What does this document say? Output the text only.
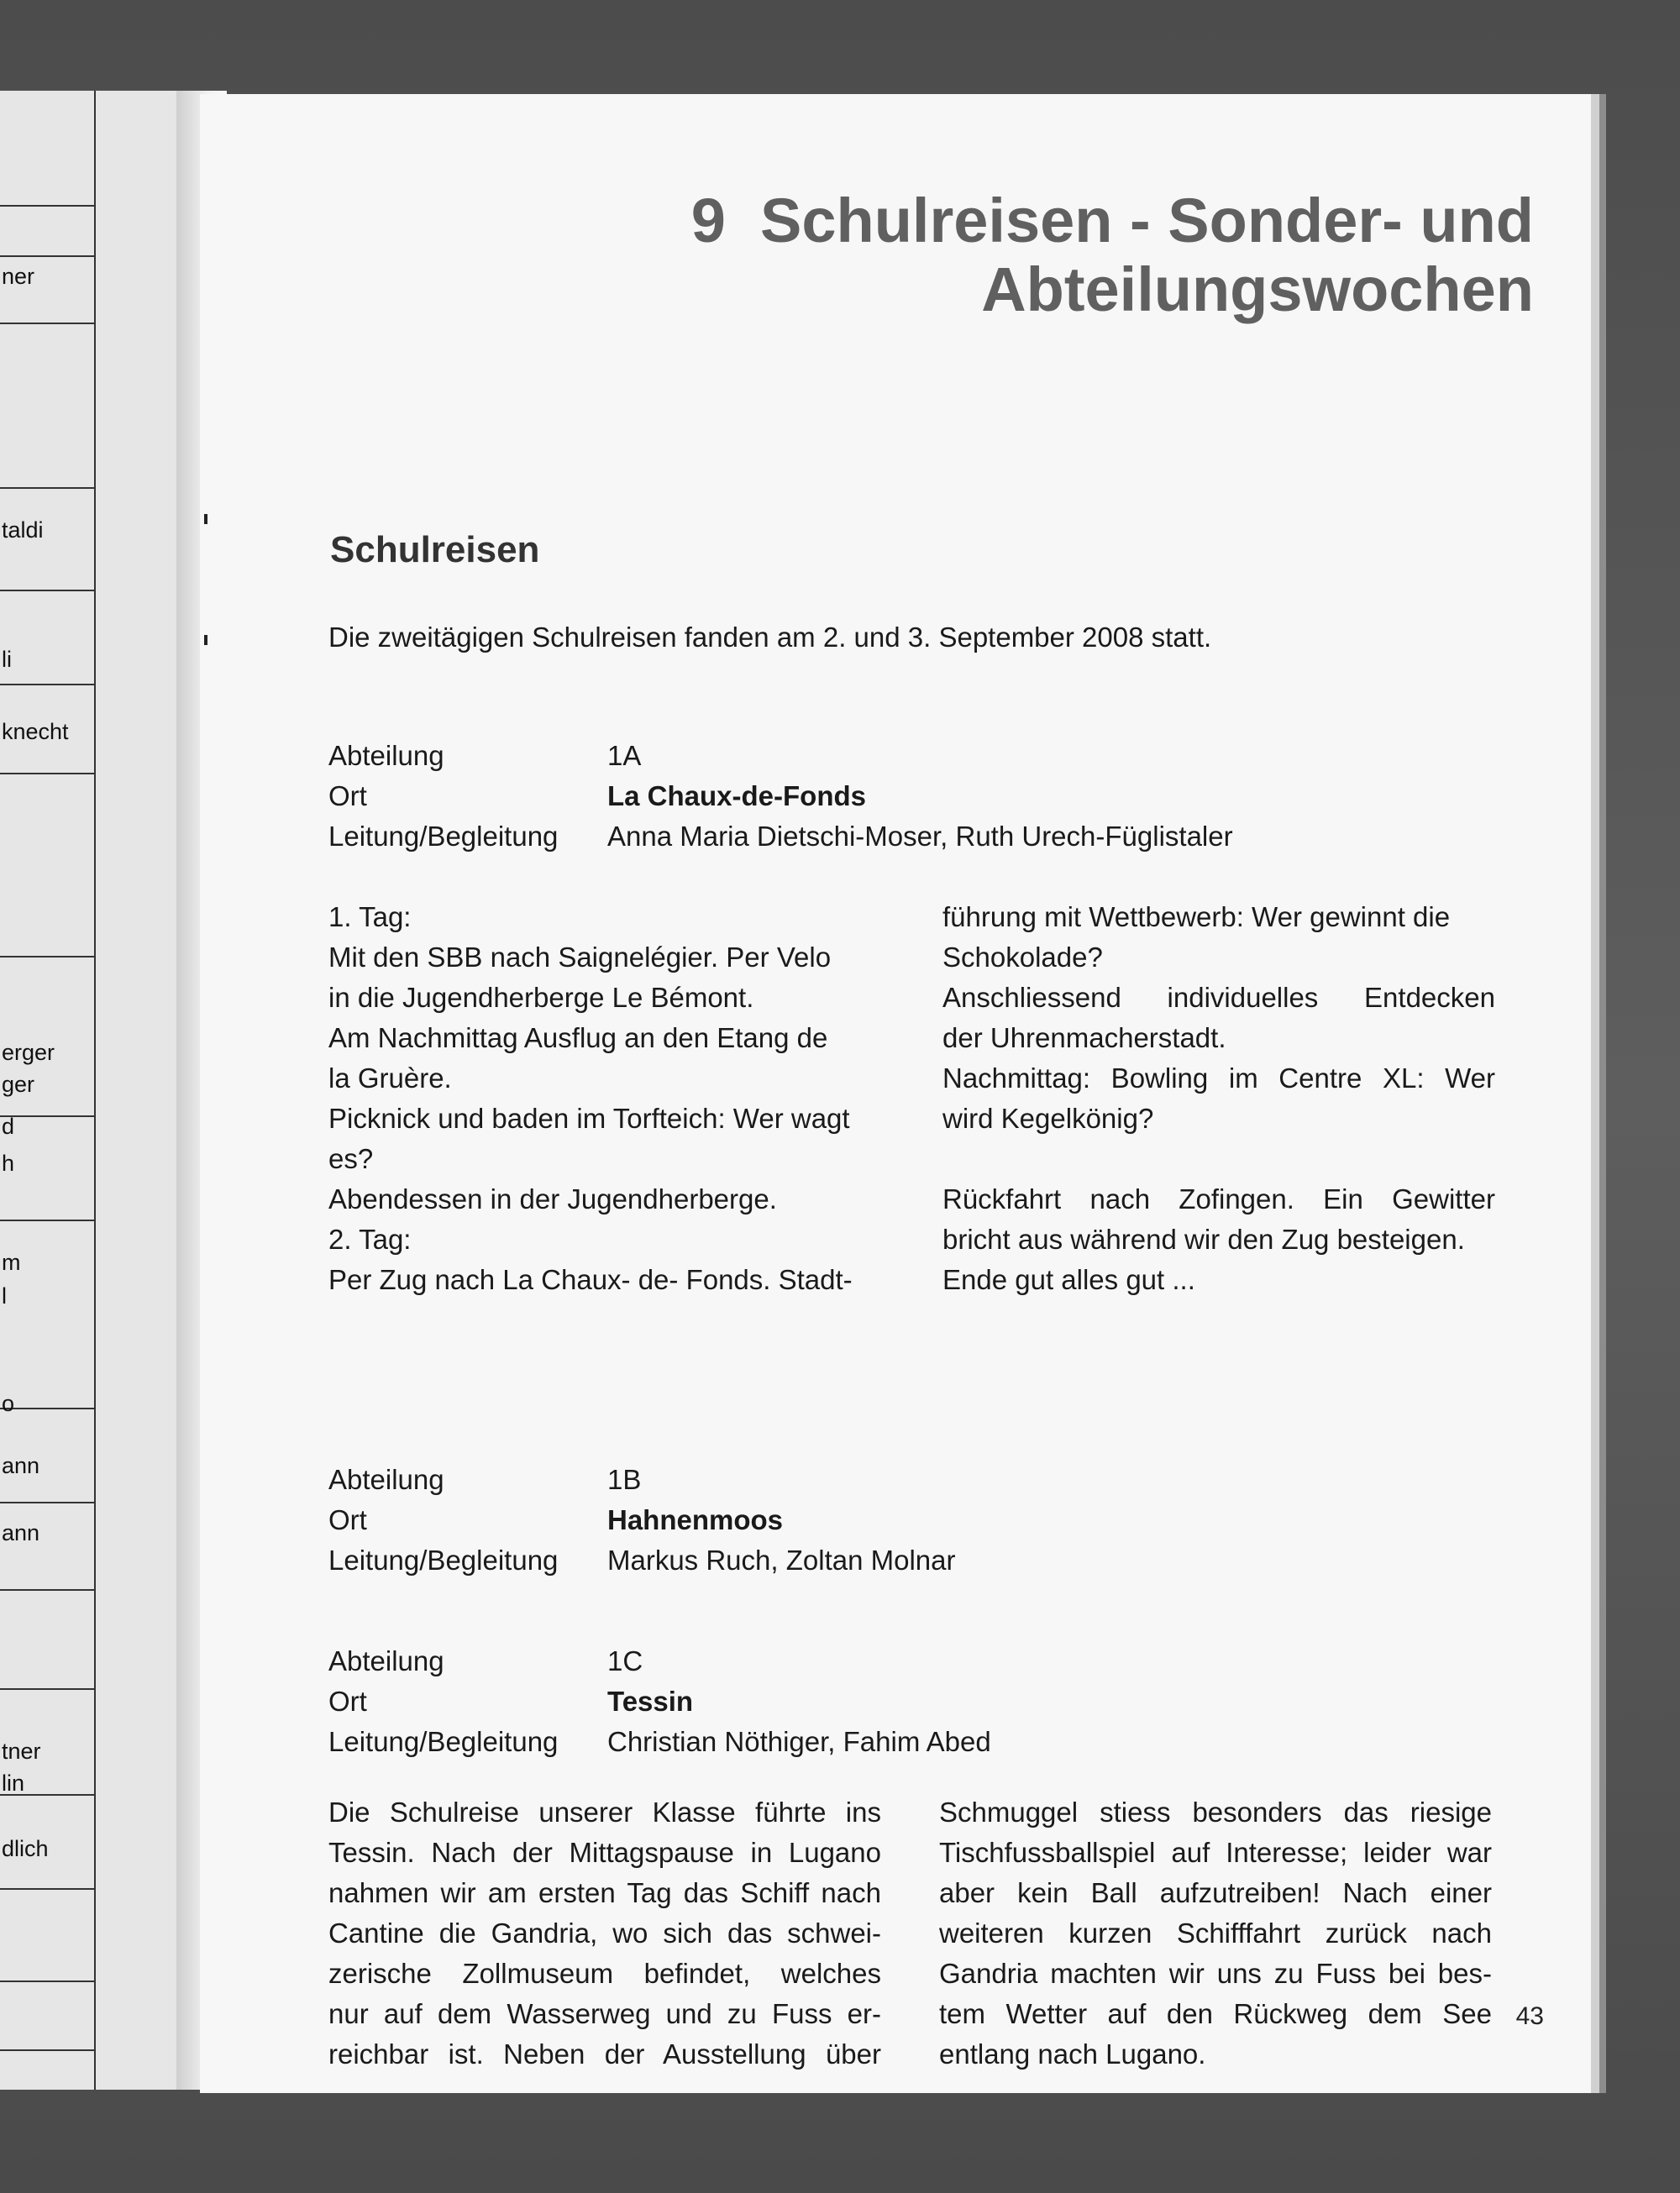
ner
taldi
li
knecht
erger
ger
d
h
m
l
o
ann
ann
tner
lin
dlich
9 Schulreisen - Sonder- und
Abteilungswochen
Schulreisen
Die zweitägigen Schulreisen fanden am 2. und 3. September 2008 statt.
Abteilung	1A
Ort	La Chaux-de-Fonds
Leitung/Begleitung	Anna Maria Dietschi-Moser, Ruth Urech-Füglistaler
1. Tag:
Mit den SBB nach Saignelégier. Per Velo
in die Jugendherberge Le Bémont.
Am Nachmittag Ausflug an den Etang de
la Gruère.
Picknick und baden im Torfteich: Wer wagt
es?
Abendessen in der Jugendherberge.
2. Tag:
Per Zug nach La Chaux- de- Fonds. Stadt-
führung mit Wettbewerb: Wer gewinnt die
Schokolade?
Anschliessend individuelles Entdecken
der Uhrenmacherstadt.
Nachmittag: Bowling im Centre XL: Wer
wird Kegelkönig?
Rückfahrt nach Zofingen. Ein Gewitter
bricht aus während wir den Zug besteigen.
Ende gut alles gut ...
Abteilung	1B
Ort	Hahnenmoos
Leitung/Begleitung	Markus Ruch, Zoltan Molnar
Abteilung	1C
Ort	Tessin
Leitung/Begleitung	Christian Nöthiger, Fahim Abed
Die Schulreise unserer Klasse führte ins
Tessin. Nach der Mittagspause in Lugano
nahmen wir am ersten Tag das Schiff nach
Cantine die Gandria, wo sich das schwei-
zerische Zollmuseum befindet, welches
nur auf dem Wasserweg und zu Fuss er-
reichbar ist. Neben der Ausstellung über
Schmuggel stiess besonders das riesige
Tischfussballspiel auf Interesse; leider war
aber kein Ball aufzutreiben! Nach einer
weiteren kurzen Schifffahrt zurück nach
Gandria machten wir uns zu Fuss bei bes-
tem Wetter auf den Rückweg dem See
entlang nach Lugano.
43
